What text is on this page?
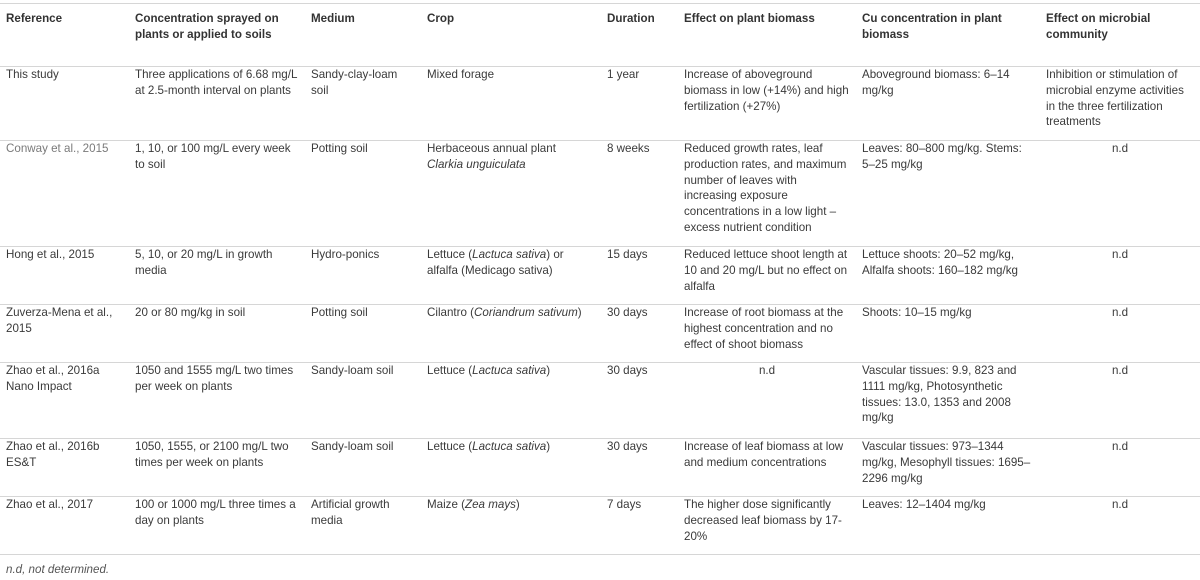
Reference	Concentration sprayed on plants or applied to soils	Medium	Crop	Duration	Effect on plant biomass	Cu concentration in plant biomass	Effect on microbial community
This study	Three applications of 6.68 mg/L at 2.5-month interval on plants	Sandy-clay-loam soil	Mixed forage	1 year	Increase of aboveground biomass in low (+14%) and high fertilization (+27%)	Aboveground biomass: 6–14 mg/kg	Inhibition or stimulation of microbial enzyme activities in the three fertilization treatments
Conway et al., 2015	1, 10, or 100 mg/L every week to soil	Potting soil	Herbaceous annual plant Clarkia unguiculata	8 weeks	Reduced growth rates, leaf production rates, and maximum number of leaves with increasing exposure concentrations in a low light – excess nutrient condition	Leaves: 80–800 mg/kg. Stems: 5–25 mg/kg	n.d
Hong et al., 2015	5, 10, or 20 mg/L in growth media	Hydro-ponics	Lettuce (Lactuca sativa) or alfalfa (Medicago sativa)	15 days	Reduced lettuce shoot length at 10 and 20 mg/L but no effect on alfalfa	Lettuce shoots: 20–52 mg/kg, Alfalfa shoots: 160–182 mg/kg	n.d
Zuverza-Mena et al., 2015	20 or 80 mg/kg in soil	Potting soil	Cilantro (Coriandrum sativum)	30 days	Increase of root biomass at the highest concentration and no effect of shoot biomass	Shoots: 10–15 mg/kg	n.d
Zhao et al., 2016a Nano Impact	1050 and 1555 mg/L two times per week on plants	Sandy-loam soil	Lettuce (Lactuca sativa)	30 days	n.d	Vascular tissues: 9.9, 823 and 1111 mg/kg, Photosynthetic tissues: 13.0, 1353 and 2008 mg/kg	n.d
Zhao et al., 2016b ES&T	1050, 1555, or 2100 mg/L two times per week on plants	Sandy-loam soil	Lettuce (Lactuca sativa)	30 days	Increase of leaf biomass at low and medium concentrations	Vascular tissues: 973–1344 mg/kg, Mesophyll tissues: 1695–2296 mg/kg	n.d
Zhao et al., 2017	100 or 1000 mg/L three times a day on plants	Artificial growth media	Maize (Zea mays)	7 days	The higher dose significantly decreased leaf biomass by 17-20%	Leaves: 12–1404 mg/kg	n.d
n.d, not determined.
